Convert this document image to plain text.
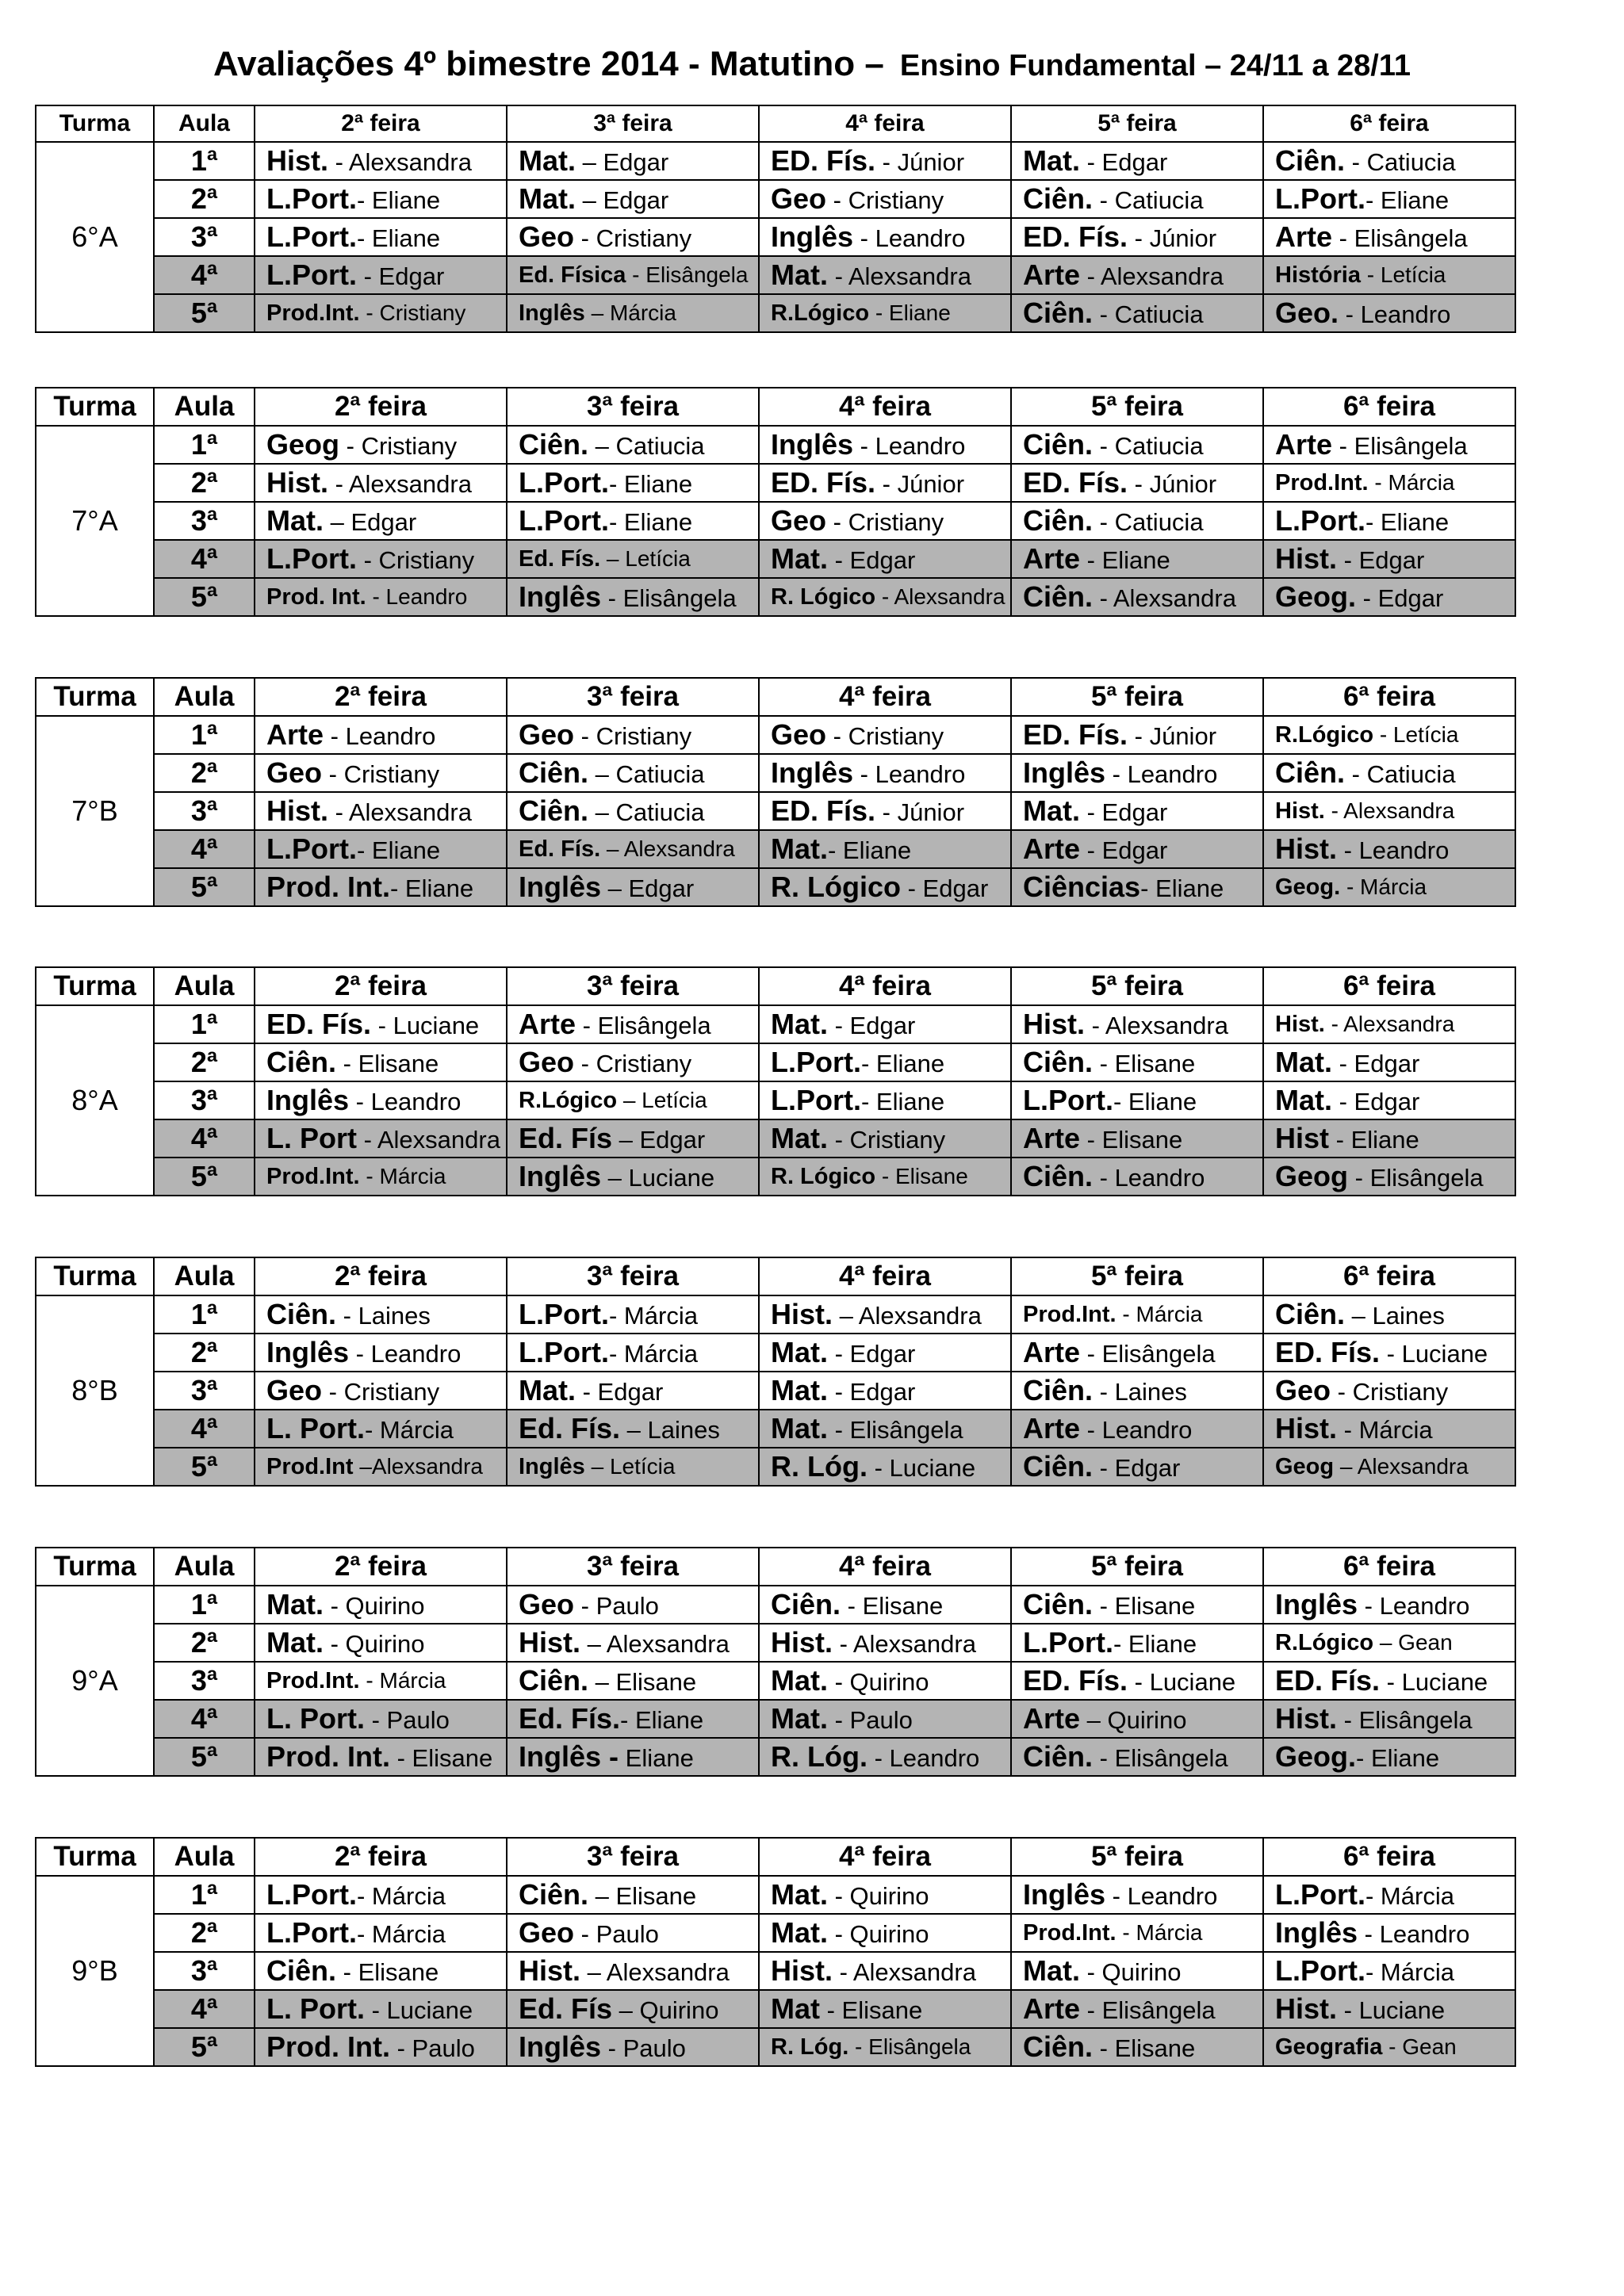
Avaliações 4º bimestre 2014 - Matutino – Ensino Fundamental – 24/11 a 28/11
Turma	Aula	2ª feira	3ª feira	4ª feira	5ª feira	6ª feira
6°A	1ª	Hist. - Alexsandra	Mat. – Edgar	ED. Fís. - Júnior	Mat. - Edgar	Ciên. - Catiucia
	2ª	L.Port.- Eliane	Mat. – Edgar	Geo - Cristiany	Ciên. - Catiucia	L.Port.- Eliane
	3ª	L.Port.- Eliane	Geo - Cristiany	Inglês - Leandro	ED. Fís. - Júnior	Arte - Elisângela
	4ª	L.Port. - Edgar	Ed. Física - Elisângela	Mat. - Alexsandra	Arte - Alexsandra	História - Letícia
	5ª	Prod.Int. - Cristiany	Inglês – Márcia	R.Lógico - Eliane	Ciên. - Catiucia	Geo. - Leandro
Turma	Aula	2ª feira	3ª feira	4ª feira	5ª feira	6ª feira
7°A	1ª	Geog - Cristiany	Ciên. – Catiucia	Inglês - Leandro	Ciên. - Catiucia	Arte - Elisângela
	2ª	Hist. - Alexsandra	L.Port.- Eliane	ED. Fís. - Júnior	ED. Fís. - Júnior	Prod.Int. - Márcia
	3ª	Mat. – Edgar	L.Port.- Eliane	Geo - Cristiany	Ciên. - Catiucia	L.Port.- Eliane
	4ª	L.Port. - Cristiany	Ed. Fís. – Letícia	Mat. - Edgar	Arte - Eliane	Hist. - Edgar
	5ª	Prod. Int. - Leandro	Inglês - Elisângela	R. Lógico - Alexsandra	Ciên. - Alexsandra	Geog. - Edgar
Turma	Aula	2ª feira	3ª feira	4ª feira	5ª feira	6ª feira
7°B	1ª	Arte - Leandro	Geo - Cristiany	Geo - Cristiany	ED. Fís. - Júnior	R.Lógico - Letícia
	2ª	Geo - Cristiany	Ciên. – Catiucia	Inglês - Leandro	Inglês - Leandro	Ciên. - Catiucia
	3ª	Hist. - Alexsandra	Ciên. – Catiucia	ED. Fís. - Júnior	Mat. - Edgar	Hist. - Alexsandra
	4ª	L.Port.- Eliane	Ed. Fís. – Alexsandra	Mat.- Eliane	Arte - Edgar	Hist. - Leandro
	5ª	Prod. Int.- Eliane	Inglês – Edgar	R. Lógico - Edgar	Ciências- Eliane	Geog. - Márcia
Turma	Aula	2ª feira	3ª feira	4ª feira	5ª feira	6ª feira
8°A	1ª	ED. Fís. - Luciane	Arte - Elisângela	Mat. - Edgar	Hist. - Alexsandra	Hist. - Alexsandra
	2ª	Ciên. - Elisane	Geo - Cristiany	L.Port.- Eliane	Ciên. - Elisane	Mat. - Edgar
	3ª	Inglês - Leandro	R.Lógico – Letícia	L.Port.- Eliane	L.Port.- Eliane	Mat. - Edgar
	4ª	L. Port - Alexsandra	Ed. Fís – Edgar	Mat. - Cristiany	Arte - Elisane	Hist - Eliane
	5ª	Prod.Int. - Márcia	Inglês – Luciane	R. Lógico - Elisane	Ciên. - Leandro	Geog - Elisângela
Turma	Aula	2ª feira	3ª feira	4ª feira	5ª feira	6ª feira
8°B	1ª	Ciên. - Laines	L.Port.- Márcia	Hist. – Alexsandra	Prod.Int. - Márcia	Ciên. – Laines
	2ª	Inglês - Leandro	L.Port.- Márcia	Mat. - Edgar	Arte - Elisângela	ED. Fís. - Luciane
	3ª	Geo - Cristiany	Mat. - Edgar	Mat. - Edgar	Ciên. - Laines	Geo - Cristiany
	4ª	L. Port.- Márcia	Ed. Fís. – Laines	Mat. - Elisângela	Arte - Leandro	Hist. - Márcia
	5ª	Prod.Int –Alexsandra	Inglês – Letícia	R. Lóg. - Luciane	Ciên. - Edgar	Geog – Alexsandra
Turma	Aula	2ª feira	3ª feira	4ª feira	5ª feira	6ª feira
9°A	1ª	Mat. - Quirino	Geo - Paulo	Ciên. - Elisane	Ciên. - Elisane	Inglês - Leandro
	2ª	Mat. - Quirino	Hist. – Alexsandra	Hist. - Alexsandra	L.Port.- Eliane	R.Lógico – Gean
	3ª	Prod.Int. - Márcia	Ciên. – Elisane	Mat. - Quirino	ED. Fís. - Luciane	ED. Fís. - Luciane
	4ª	L. Port. - Paulo	Ed. Fís.- Eliane	Mat. - Paulo	Arte – Quirino	Hist. - Elisângela
	5ª	Prod. Int. - Elisane	Inglês - Eliane	R. Lóg. - Leandro	Ciên. - Elisângela	Geog.- Eliane
Turma	Aula	2ª feira	3ª feira	4ª feira	5ª feira	6ª feira
9°B	1ª	L.Port.- Márcia	Ciên. – Elisane	Mat. - Quirino	Inglês - Leandro	L.Port.- Márcia
	2ª	L.Port.- Márcia	Geo - Paulo	Mat. - Quirino	Prod.Int. - Márcia	Inglês - Leandro
	3ª	Ciên. - Elisane	Hist. – Alexsandra	Hist. - Alexsandra	Mat. - Quirino	L.Port.- Márcia
	4ª	L. Port. - Luciane	Ed. Fís – Quirino	Mat - Elisane	Arte - Elisângela	Hist. - Luciane
	5ª	Prod. Int. - Paulo	Inglês - Paulo	R. Lóg. - Elisângela	Ciên. - Elisane	Geografia - Gean
